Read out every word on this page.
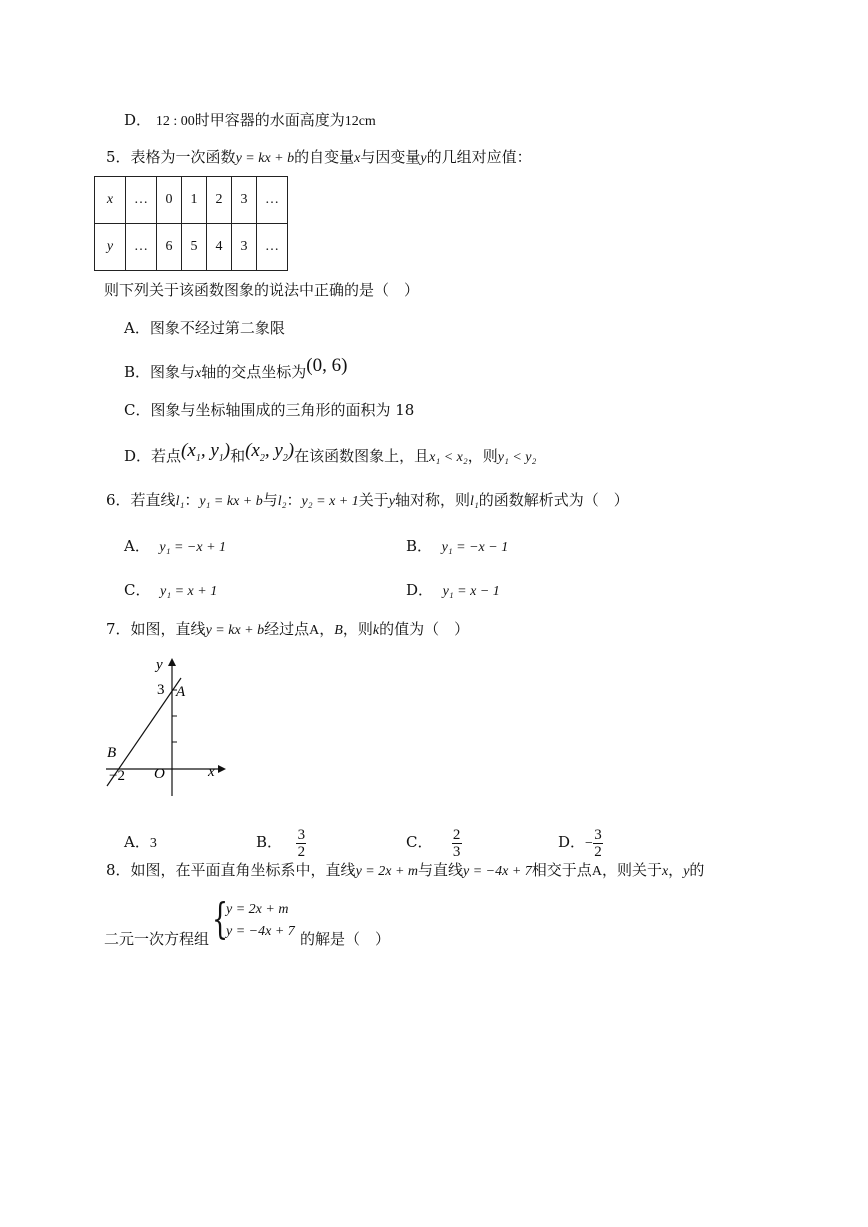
D． 12 : 00时甲容器的水面高度为12cm
5．表格为一次函数y = kx + b的自变量x与因变量y的几组对应值：
x	…	0	1	2	3	…
y	…	6	5	4	3	…
则下列关于该函数图象的说法中正确的是（　）
A．图象不经过第二象限
B．图象与x轴的交点坐标为(0, 6)
C．图象与坐标轴围成的三角形的面积为 18
D．若点($x_1$, $y_1$)和($x_2$, $y_2$)在该函数图象上，且x₁ < x₂，则y₁ < y₂
6．若直线l₁：y₁ = kx + b与l₂：y₂ = x + 1关于y轴对称，则l₁的函数解析式为（　）
A． y₁ = −x + 1	B． y₁ = −x − 1
C． y₁ = x + 1	D． y₁ = x − 1
7．如图，直线y = kx + b经过点A，B，则k的值为（　）
y
x
O
3 A
B
−2
A．3	B． $\frac{3}{2}$	C． $\frac{2}{3}$	D．− $\frac{3}{2}$
8．如图，在平面直角坐标系中，直线y = 2x + m与直线y = −4x + 7相交于点A，则关于x，y的
二元一次方程组 {
y = 2x + m
y = −4x + 7 的解是（　）
